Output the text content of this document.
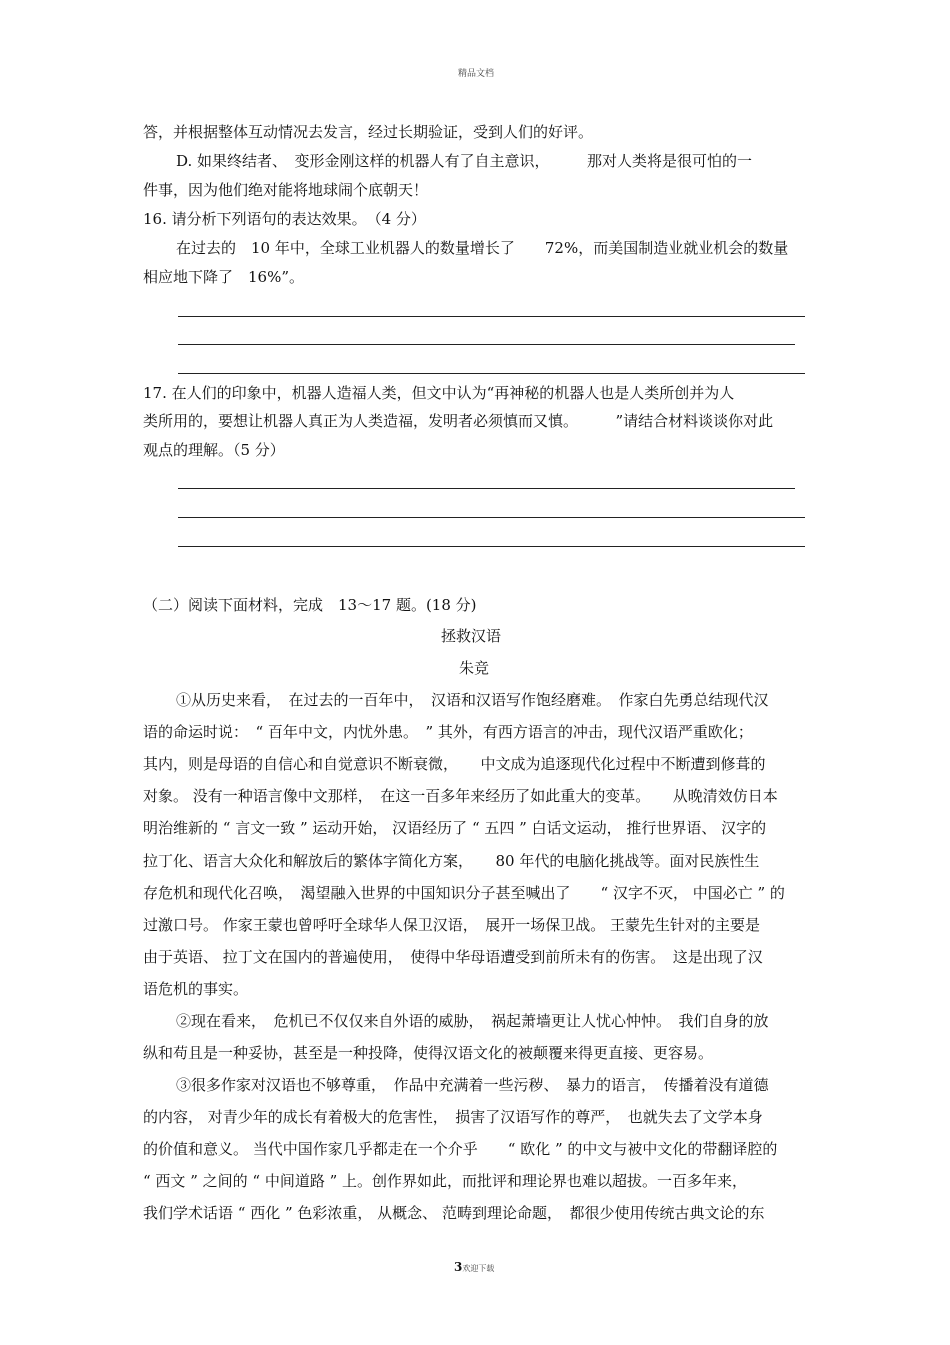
精品文档
答，并根据整体互动情况去发言，经过长期验证，受到人们的好评。
D. 如果终结者、　变形金刚这样的机器人有了自主意识，　　　那对人类将是很可怕的一
件事，因为他们绝对能将地球闹个底朝天！
16. 请分析下列语句的表达效果。　（4 分）
在过去的　10 年中，全球工业机器人的数量增长了　　72%，而美国制造业就业机会的数量
相应地下降了　16%”。
17. 在人们的印象中，机器人造福人类，但文中认为“再神秘的机器人也是人类所创并为人
类所用的，要想让机器人真正为人类造福，发明者必须慎而又慎。　　　”请结合材料谈谈你对此
观点的理解。（5 分）
（二）阅读下面材料，完成　13～17 题。(18 分)
拯救汉语
朱竞
①从历史来看，　在过去的一百年中，　汉语和汉语写作饱经磨难。　作家白先勇总结现代汉
语的命运时说：　“ 百年中文，内忧外患。　” 其外，有西方语言的冲击，现代汉语严重欧化；
其内，则是母语的自信心和自觉意识不断衰微，　　中文成为追逐现代化过程中不断遭到修葺的
对象。 没有一种语言像中文那样，　在这一百多年来经历了如此重大的变革。　　从晚清效仿日本
明治维新的 “ 言文一致 ” 运动开始， 汉语经历了 “ 五四 ” 白话文运动， 推行世界语、 汉字的
拉丁化、语言大众化和解放后的繁体字简化方案，　　80 年代的电脑化挑战等。面对民族性生
存危机和现代化召唤，　渴望融入世界的中国知识分子甚至喊出了　　“ 汉字不灭， 中国必亡 ” 的
过激口号。 作家王蒙也曾呼吁全球华人保卫汉语，　展开一场保卫战。 王蒙先生针对的主要是
由于英语、 拉丁文在国内的普遍使用，　使得中华母语遭受到前所未有的伤害。　这是出现了汉
语危机的事实。
②现在看来，　危机已不仅仅来自外语的威胁，　祸起萧墙更让人忧心忡忡。　我们自身的放
纵和苟且是一种妥协，甚至是一种投降，使得汉语文化的被颠覆来得更直接、更容易。
③很多作家对汉语也不够尊重，　作品中充满着一些污秽、　暴力的语言，　传播着没有道德
的内容， 对青少年的成长有着极大的危害性，　损害了汉语写作的尊严，　也就失去了文学本身
的价值和意义。 当代中国作家几乎都走在一个介乎　　“ 欧化 ” 的中文与被中文化的带翻译腔的
“ 西文 ” 之间的 “ 中间道路 ” 上。创作界如此，而批评和理论界也难以超拔。一百多年来，
我们学术话语 “ 西化 ” 色彩浓重， 从概念、 范畴到理论命题，　都很少使用传统古典文论的东
3欢迎下载
